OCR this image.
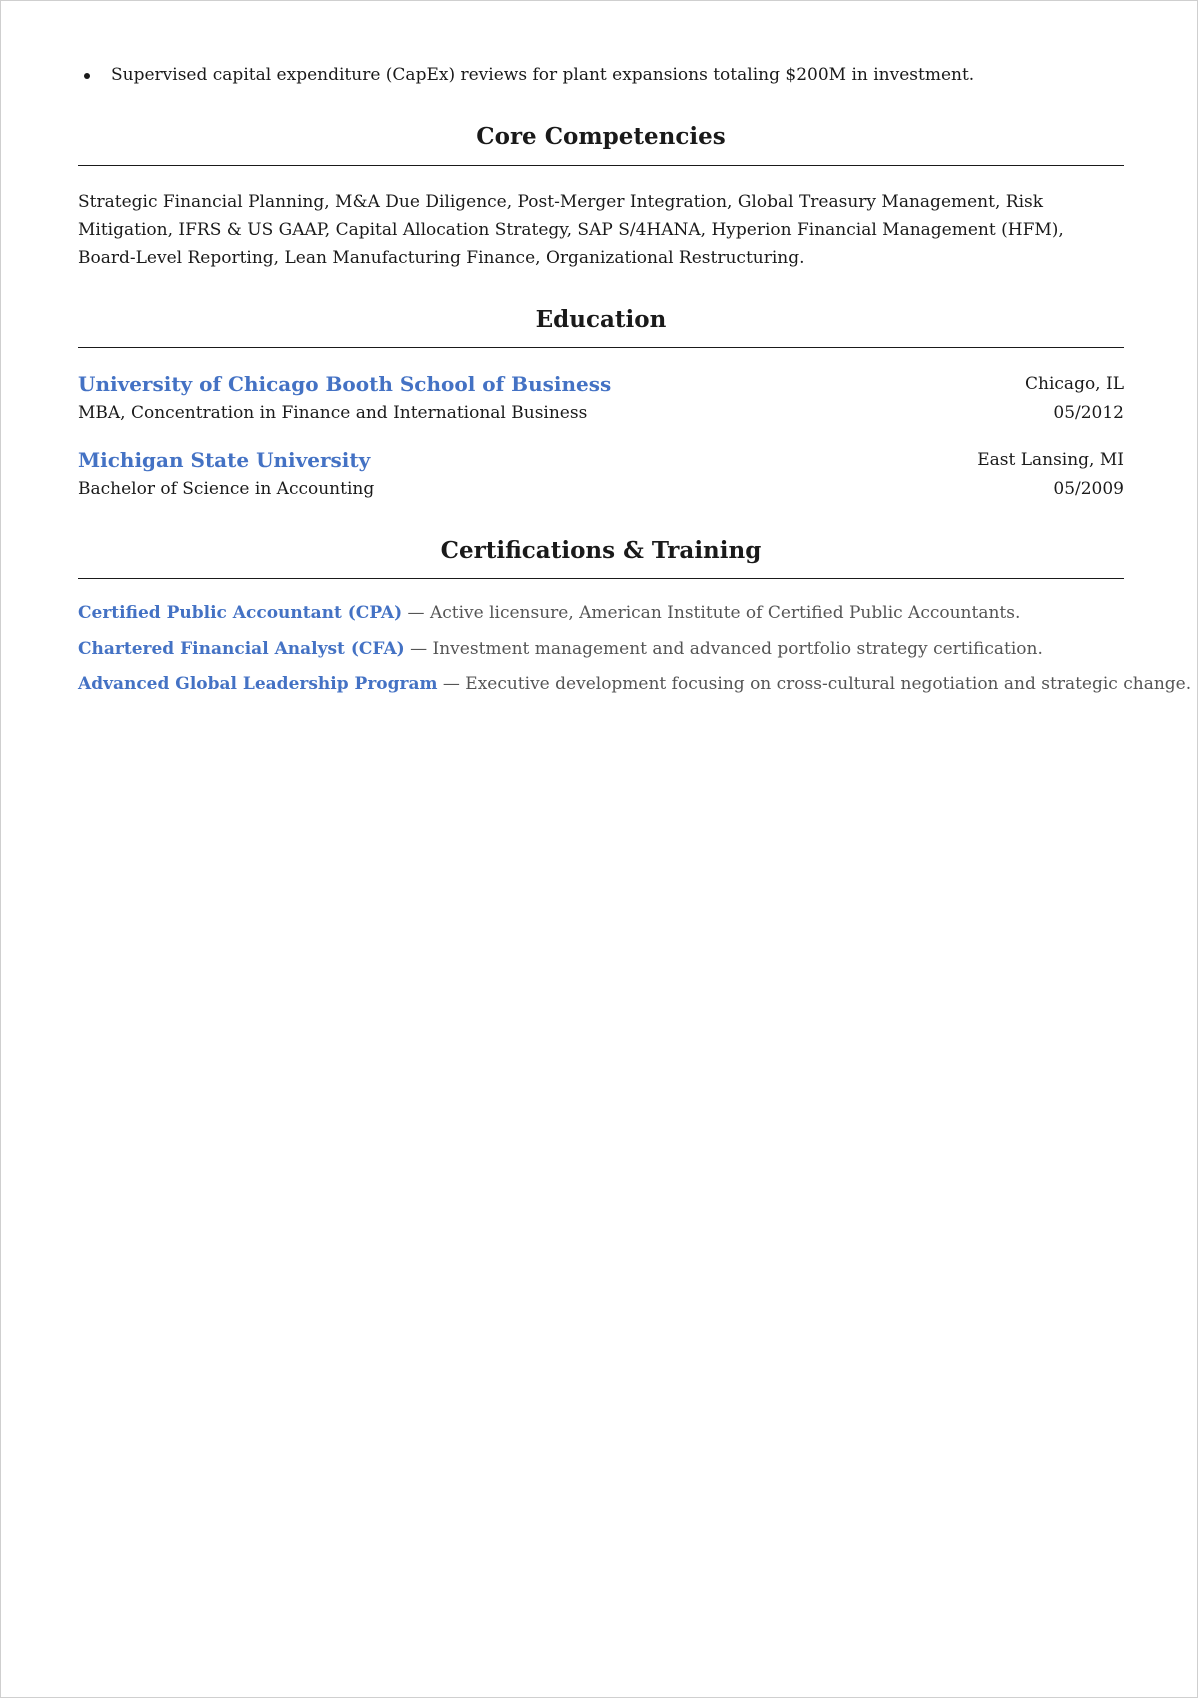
Supervised capital expenditure (CapEx) reviews for plant expansions totaling $200M in investment.
Core Competencies

Strategic Financial Planning, M&A Due Diligence, Post-Merger Integration, Global Treasury Management, Risk Mitigation, IFRS & US GAAP, Capital Allocation Strategy, SAP S/4HANA, Hyperion Financial Management (HFM), Board-Level Reporting, Lean Manufacturing Finance, Organizational Restructuring.

Education
University of Chicago Booth School of Business	Chicago, IL
MBA, Concentration in Finance and International Business	05/2012
Michigan State University	East Lansing, MI
Bachelor of Science in Accounting	05/2009
Certifications & Training
Certified Public Accountant (CPA) — Active licensure, American Institute of Certified Public Accountants.
Chartered Financial Analyst (CFA) — Investment management and advanced portfolio strategy certification.
Advanced Global Leadership Program — Executive development focusing on cross-cultural negotiation and strategic change.
